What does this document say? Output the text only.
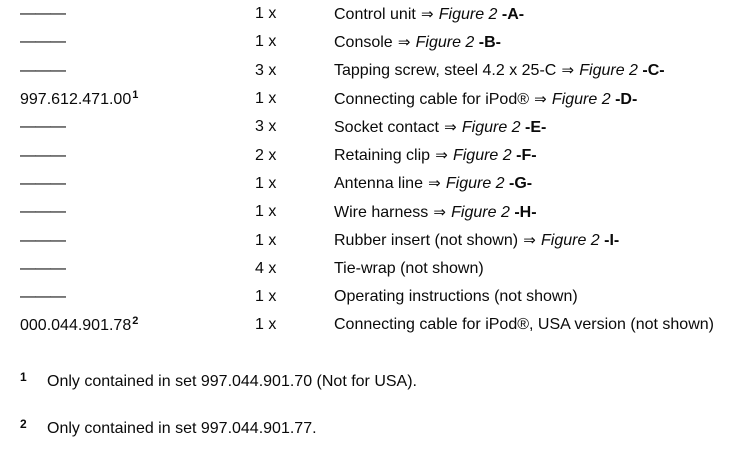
———	1 x	Control unit ⇒ Figure 2 -A-
———	1 x	Console ⇒ Figure 2 -B-
———	3 x	Tapping screw, steel 4.2 x 25-C ⇒ Figure 2 -C-
997.612.471.00$^1$	1 x	Connecting cable for iPod® ⇒ Figure 2 -D-
———	3 x	Socket contact ⇒ Figure 2 -E-
———	2 x	Retaining clip ⇒ Figure 2 -F-
———	1 x	Antenna line ⇒ Figure 2 -G-
———	1 x	Wire harness ⇒ Figure 2 -H-
———	1 x	Rubber insert (not shown) ⇒ Figure 2 -I-
———	4 x	Tie-wrap (not shown)
———	1 x	Operating instructions (not shown)
000.044.901.78$^2$	1 x	Connecting cable for iPod®, USA version (not shown)
1 Only contained in set 997.044.901.70 (Not for USA).
2 Only contained in set 997.044.901.77.
